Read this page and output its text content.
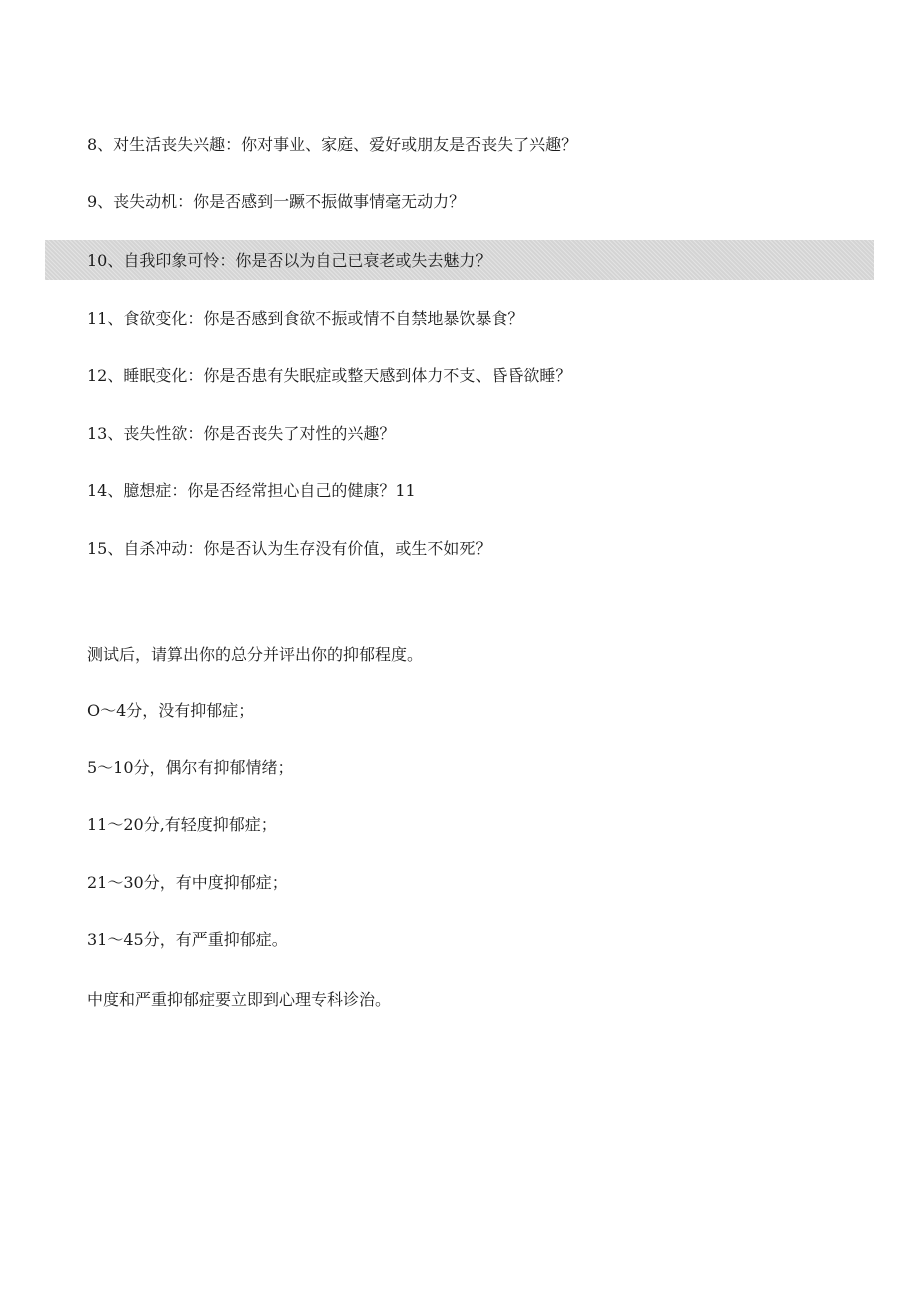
8、对生活丧失兴趣：你对事业、家庭、爱好或朋友是否丧失了兴趣？
9、丧失动机：你是否感到一蹶不振做事情毫无动力？
10、自我印象可怜：你是否以为自己已衰老或失去魅力？
11、食欲变化：你是否感到食欲不振或情不自禁地暴饮暴食？
12、睡眠变化：你是否患有失眠症或整天感到体力不支、昏昏欲睡？
13、丧失性欲：你是否丧失了对性的兴趣？
14、臆想症：你是否经常担心自己的健康？11
15、自杀冲动：你是否认为生存没有价值，或生不如死？
测试后，请算出你的总分并评出你的抑郁程度。
O～4分，没有抑郁症；
5～10分，偶尔有抑郁情绪；
11～20分,有轻度抑郁症；
21～30分，有中度抑郁症；
31～45分，有严重抑郁症。
中度和严重抑郁症要立即到心理专科诊治。
